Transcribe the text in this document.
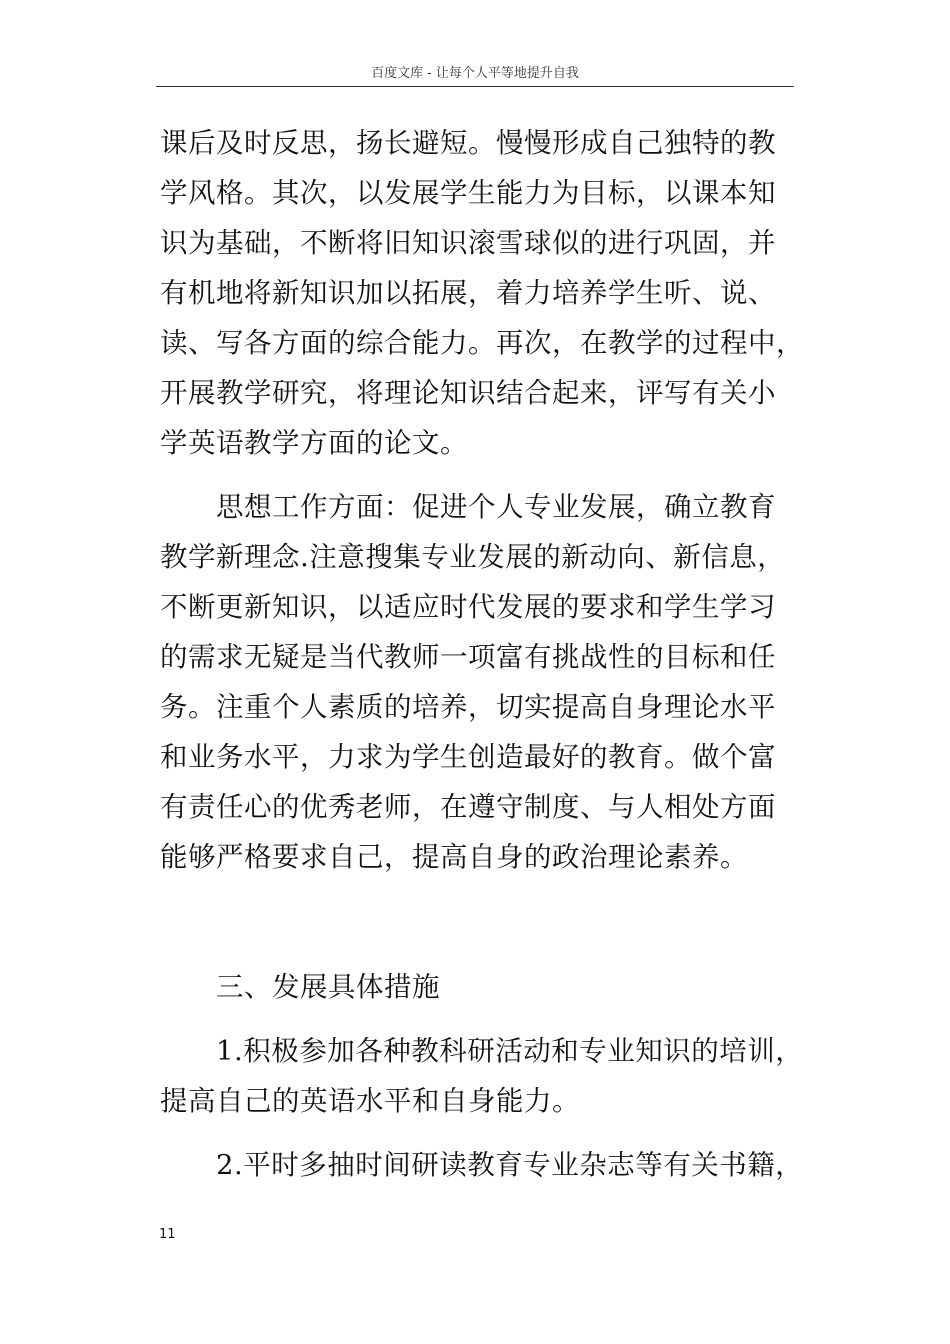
百度文库 - 让每个人平等地提升自我

课后及时反思，扬长避短。慢慢形成自己独特的教
学风格。其次，以发展学生能力为目标，以课本知
识为基础，不断将旧知识滚雪球似的进行巩固，并
有机地将新知识加以拓展，着力培养学生听、说、
读、写各方面的综合能力。再次，在教学的过程中，
开展教学研究，将理论知识结合起来，评写有关小
学英语教学方面的论文。

思想工作方面：促进个人专业发展，确立教育
教学新理念.注意搜集专业发展的新动向、新信息，
不断更新知识，以适应时代发展的要求和学生学习
的需求无疑是当代教师一项富有挑战性的目标和任
务。注重个人素质的培养，切实提高自身理论水平
和业务水平，力求为学生创造最好的教育。做个富
有责任心的优秀老师，在遵守制度、与人相处方面
能够严格要求自己，提高自身的政治理论素养。

三、发展具体措施

1.积极参加各种教科研活动和专业知识的培训，
提高自己的英语水平和自身能力。

2.平时多抽时间研读教育专业杂志等有关书籍，

11
